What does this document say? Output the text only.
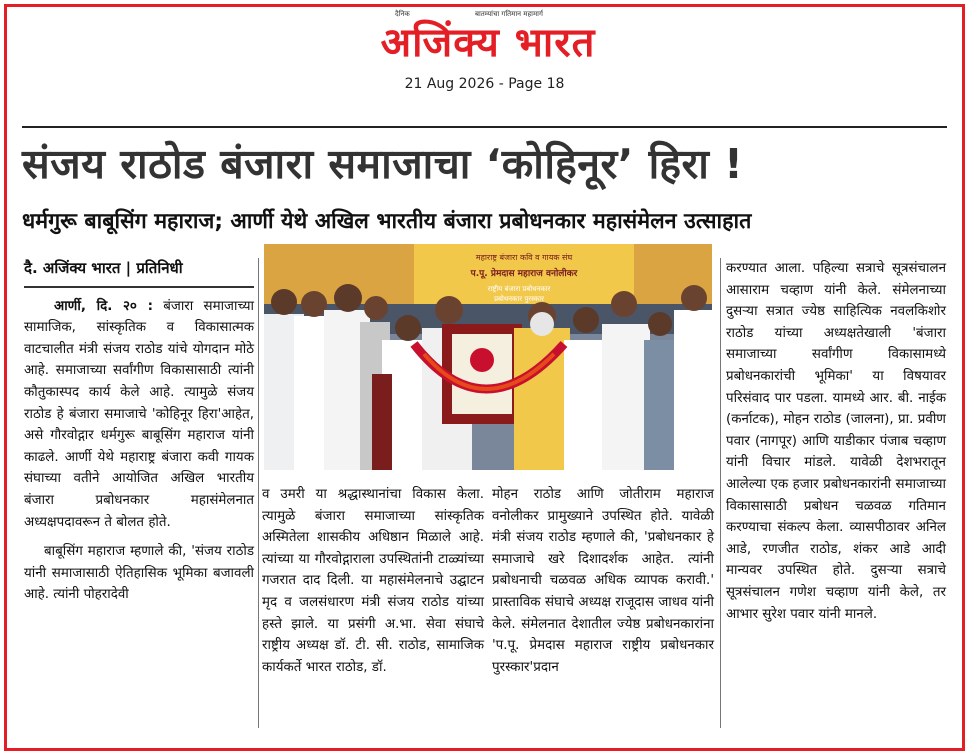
दैनिक	बातम्यांचा गतिमान महामार्ग
अजिंक्य भारत
21 Aug 2026 - Page 18
संजय राठोड बंजारा समाजाचा ‘कोहिनूर’ हिरा !
धर्मगुरू बाबूसिंग महाराज; आर्णी येथे अखिल भारतीय बंजारा प्रबोधनकार महासंमेलन उत्साहात
दै. अजिंक्य भारत | प्रतिनिधी

आर्णी, दि. २० : बंजारा समाजाच्या सामाजिक, सांस्कृतिक व विकासात्मक वाटचालीत मंत्री संजय राठोड यांचे योगदान मोठे आहे. समाजाच्या सर्वांगीण विकासासाठी त्यांनी कौतुकास्पद कार्य केले आहे. त्यामुळे संजय राठोड हे बंजारा समाजाचे 'कोहिनूर हिरा'आहेत, असे गौरवोद्गार धर्मगुरू बाबूसिंग महाराज यांनी काढले. आर्णी येथे महाराष्ट्र बंजारा कवी गायक संघाच्या वतीने आयोजित अखिल भारतीय बंजारा प्रबोधनकार महासंमेलनात अध्यक्षपदावरून ते बोलत होते.

बाबूसिंग महाराज म्हणाले की, 'संजय राठोड यांनी समाजासाठी ऐतिहासिक भूमिका बजावली आहे. त्यांनी पोहरादेवी

महाराष्ट्र बंजारा कवि व गायक संघ
प.पू. प्रेमदास महाराज वनोलीकर
राष्ट्रीय बंजारा प्रबोधनकार
प्रबोधनकार पुरस्कार
व उमरी या श्रद्धास्थानांचा विकास केला. त्यामुळे बंजारा समाजाच्या सांस्कृतिक अस्मितेला शासकीय अधिष्ठान मिळाले आहे. त्यांच्या या गौरवोद्गाराला उपस्थितांनी टाळ्यांच्या गजरात दाद दिली. या महासंमेलनाचे उद्घाटन मृद व जलसंधारण मंत्री संजय राठोड यांच्या हस्ते झाले. या प्रसंगी अ.भा. सेवा संघाचे राष्ट्रीय अध्यक्ष डॉ. टी. सी. राठोड, सामाजिक कार्यकर्ते भारत राठोड, डॉ.
मोहन राठोड आणि जोतीराम महाराज वनोलीकर प्रामुख्याने उपस्थित होते. यावेळी मंत्री संजय राठोड म्हणाले की, 'प्रबोधनकार हे समाजाचे खरे दिशादर्शक आहेत. त्यांनी प्रबोधनाची चळवळ अधिक व्यापक करावी.' प्रास्ताविक संघाचे अध्यक्ष राजूदास जाधव यांनी केले. संमेलनात देशातील ज्येष्ठ प्रबोधनकारांना 'प.पू. प्रेमदास महाराज राष्ट्रीय प्रबोधनकार पुरस्कार'प्रदान
करण्यात आला. पहिल्या सत्राचे सूत्रसंचालन आसाराम चव्हाण यांनी केले. संमेलनाच्या दुसऱ्या सत्रात ज्येष्ठ साहित्यिक नवलकिशोर राठोड यांच्या अध्यक्षतेखाली 'बंजारा समाजाच्या सर्वांगीण विकासामध्ये प्रबोधनकारांची भूमिका' या विषयावर परिसंवाद पार पडला. यामध्ये आर. बी. नाईक (कर्नाटक), मोहन राठोड (जालना), प्रा. प्रवीण पवार (नागपूर) आणि याडीकार पंजाब चव्हाण यांनी विचार मांडले. यावेळी देशभरातून आलेल्या एक हजार प्रबोधनकारांनी समाजाच्या विकासासाठी प्रबोधन चळवळ गतिमान करण्याचा संकल्प केला. व्यासपीठावर अनिल आडे, रणजीत राठोड, शंकर आडे आदी मान्यवर उपस्थित होते. दुसऱ्या सत्राचे सूत्रसंचालन गणेश चव्हाण यांनी केले, तर आभार सुरेश पवार यांनी मानले.
